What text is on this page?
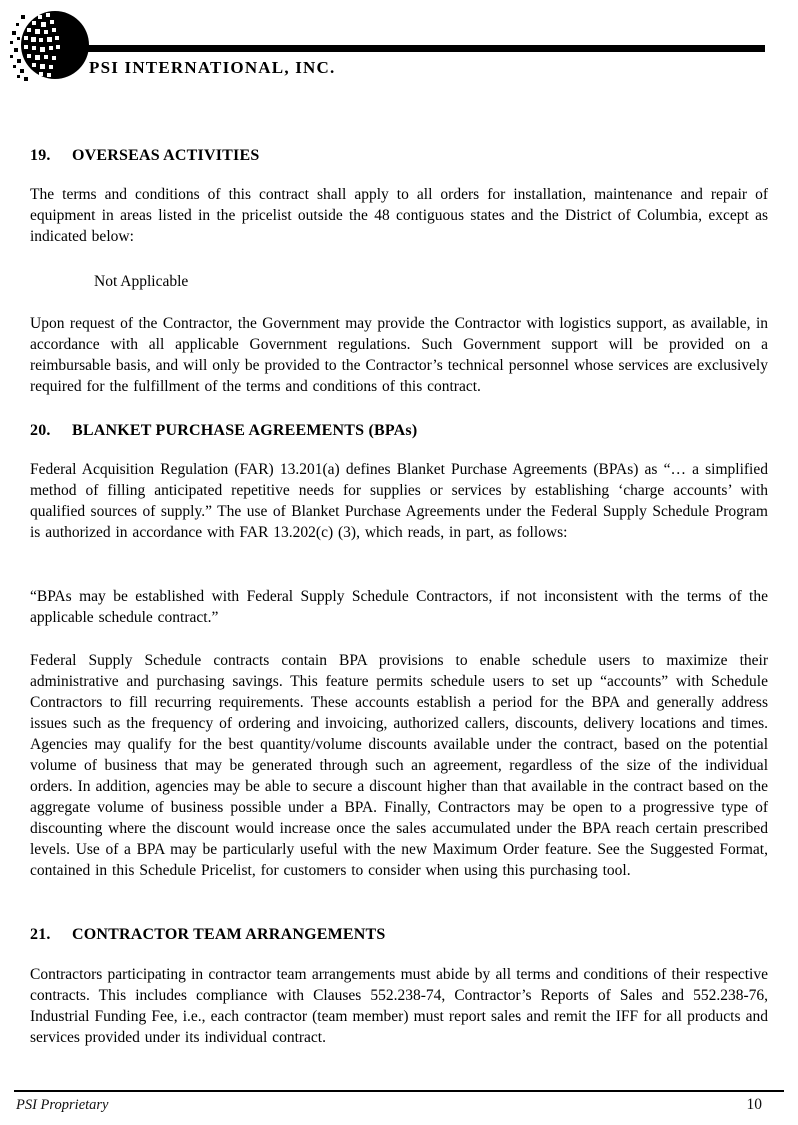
PSI INTERNATIONAL, INC.
19. OVERSEAS ACTIVITIES

The terms and conditions of this contract shall apply to all orders for installation, maintenance and repair of equipment in areas listed in the pricelist outside the 48 contiguous states and the District of Columbia, except as indicated below:

Not Applicable

Upon request of the Contractor, the Government may provide the Contractor with logistics support, as available, in accordance with all applicable Government regulations. Such Government support will be provided on a reimbursable basis, and will only be provided to the Contractor’s technical personnel whose services are exclusively required for the fulfillment of the terms and conditions of this contract.

20. BLANKET PURCHASE AGREEMENTS (BPAs)

Federal Acquisition Regulation (FAR) 13.201(a) defines Blanket Purchase Agreements (BPAs) as “… a simplified method of filling anticipated repetitive needs for supplies or services by establishing ‘charge accounts’ with qualified sources of supply.” The use of Blanket Purchase Agreements under the Federal Supply Schedule Program is authorized in accordance with FAR 13.202(c) (3), which reads, in part, as follows:

“BPAs may be established with Federal Supply Schedule Contractors, if not inconsistent with the terms of the applicable schedule contract.”

Federal Supply Schedule contracts contain BPA provisions to enable schedule users to maximize their administrative and purchasing savings. This feature permits schedule users to set up “accounts” with Schedule Contractors to fill recurring requirements. These accounts establish a period for the BPA and generally address issues such as the frequency of ordering and invoicing, authorized callers, discounts, delivery locations and times. Agencies may qualify for the best quantity/volume discounts available under the contract, based on the potential volume of business that may be generated through such an agreement, regardless of the size of the individual orders. In addition, agencies may be able to secure a discount higher than that available in the contract based on the aggregate volume of business possible under a BPA. Finally, Contractors may be open to a progressive type of discounting where the discount would increase once the sales accumulated under the BPA reach certain prescribed levels. Use of a BPA may be particularly useful with the new Maximum Order feature. See the Suggested Format, contained in this Schedule Pricelist, for customers to consider when using this purchasing tool.

21. CONTRACTOR TEAM ARRANGEMENTS

Contractors participating in contractor team arrangements must abide by all terms and conditions of their respective contracts. This includes compliance with Clauses 552.238-74, Contractor’s Reports of Sales and 552.238-76, Industrial Funding Fee, i.e., each contractor (team member) must report sales and remit the IFF for all products and services provided under its individual contract.

PSI Proprietary	10
